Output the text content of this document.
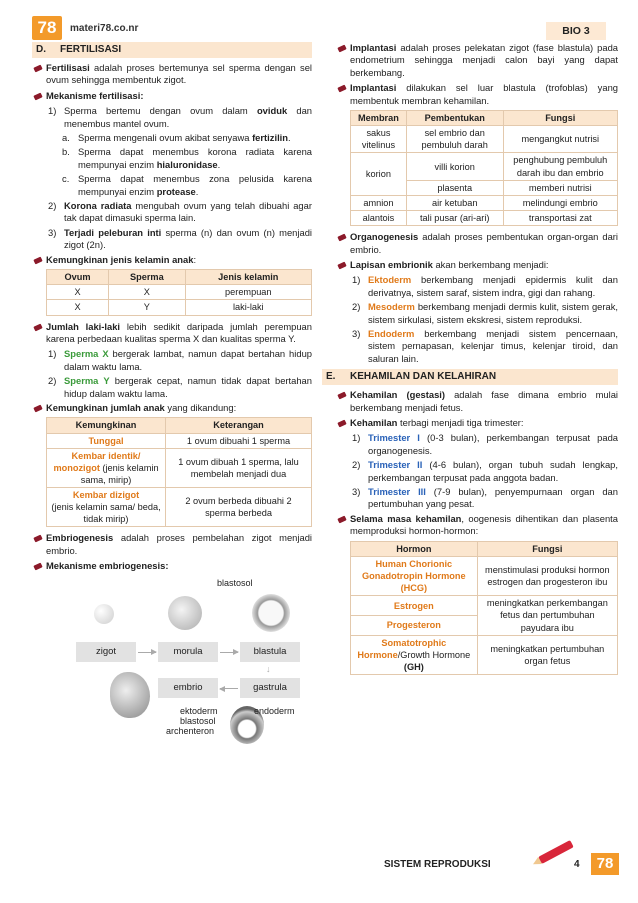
78	materi78.co.nr	BIO 3
D.	FERTILISASI
Fertilisasi adalah proses bertemunya sel sperma dengan sel ovum sehingga membentuk zigot.
Mekanisme fertilisasi:
1) Sperma bertemu dengan ovum dalam oviduk dan menembus mantel ovum.
a. Sperma mengenali ovum akibat senyawa fertizilin.
b. Sperma dapat menembus korona radiata karena mempunyai enzim hialuronidase.
c. Sperma dapat menembus zona pelusida karena mempunyai enzim protease.
2) Korona radiata mengubah ovum yang telah dibuahi agar tak dapat dimasuki sperma lain.
3) Terjadi peleburan inti sperma (n) dan ovum (n) menjadi zigot (2n).
Kemungkinan jenis kelamin anak:
Ovum	Sperma	Jenis kelamin
X	X	perempuan
X	Y	laki-laki
Jumlah laki-laki lebih sedikit daripada jumlah perempuan karena perbedaan kualitas sperma X dan kualitas sperma Y.
1) Sperma X bergerak lambat, namun dapat bertahan hidup dalam waktu lama.
2) Sperma Y bergerak cepat, namun tidak dapat bertahan hidup dalam waktu lama.
Kemungkinan jumlah anak yang dikandung:
Kemungkinan	Keterangan
Tunggal	1 ovum dibuahi 1 sperma
Kembar identik/
monozigot (jenis kelamin sama, mirip)	1 ovum dibuah 1 sperma, lalu membelah menjadi dua
Kembar dizigot
(jenis kelamin sama/ beda, tidak mirip)	2 ovum berbeda dibuahi 2 sperma berbeda
Embriogenesis adalah proses pembelahan zigot menjadi embrio.
Mekanisme embriogenesis:
blastosol
zigot	morula	blastula
↓
embrio	gastrula
ektoderm	endoderm
blastosol
archenteron
Implantasi adalah proses pelekatan zigot (fase blastula) pada endometrium sehingga menjadi calon bayi yang dapat berkembang.
Implantasi dilakukan sel luar blastula (trofoblas) yang membentuk membran kehamilan.
Membran	Pembentukan	Fungsi
sakus vitelinus	sel embrio dan pembuluh darah	mengangkut nutrisi
korion	villi korion	penghubung pembuluh darah ibu dan embrio
	plasenta	memberi nutrisi
amnion	air ketuban	melindungi embrio
alantois	tali pusar (ari-ari)	transportasi zat
Organogenesis adalah proses pembentukan organ-organ dari embrio.
Lapisan embrionik akan berkembang menjadi:
1) Ektoderm berkembang menjadi epidermis kulit dan derivatnya, sistem saraf, sistem indra, gigi dan rahang.
2) Mesoderm berkembang menjadi dermis kulit, sistem gerak, sistem sirkulasi, sistem ekskresi, sistem reproduksi.
3) Endoderm berkembang menjadi sistem pencernaan, sistem pernapasan, kelenjar timus, kelenjar tiroid, dan saluran lain.
E.	KEHAMILAN DAN KELAHIRAN
Kehamilan (gestasi) adalah fase dimana embrio mulai berkembang menjadi fetus.
Kehamilan terbagi menjadi tiga trimester:
1) Trimester I (0-3 bulan), perkembangan terpusat pada organogenesis.
2) Trimester II (4-6 bulan), organ tubuh sudah lengkap, perkembangan terpusat pada anggota badan.
3) Trimester III (7-9 bulan), penyempurnaan organ dan pertumbuhan yang pesat.
Selama masa kehamilan, oogenesis dihentikan dan plasenta memproduksi hormon-hormon:
Hormon	Fungsi
Human Chorionic Gonadotropin Hormone (HCG)	menstimulasi produksi hormon estrogen dan progesteron ibu
Estrogen	meningkatkan perkembangan fetus dan pertumbuhan payudara ibu
Progesteron	
Somatotrophic Hormone/Growth Hormone (GH)	meningkatkan pertumbuhan organ fetus
SISTEM REPRODUKSI	4	78
